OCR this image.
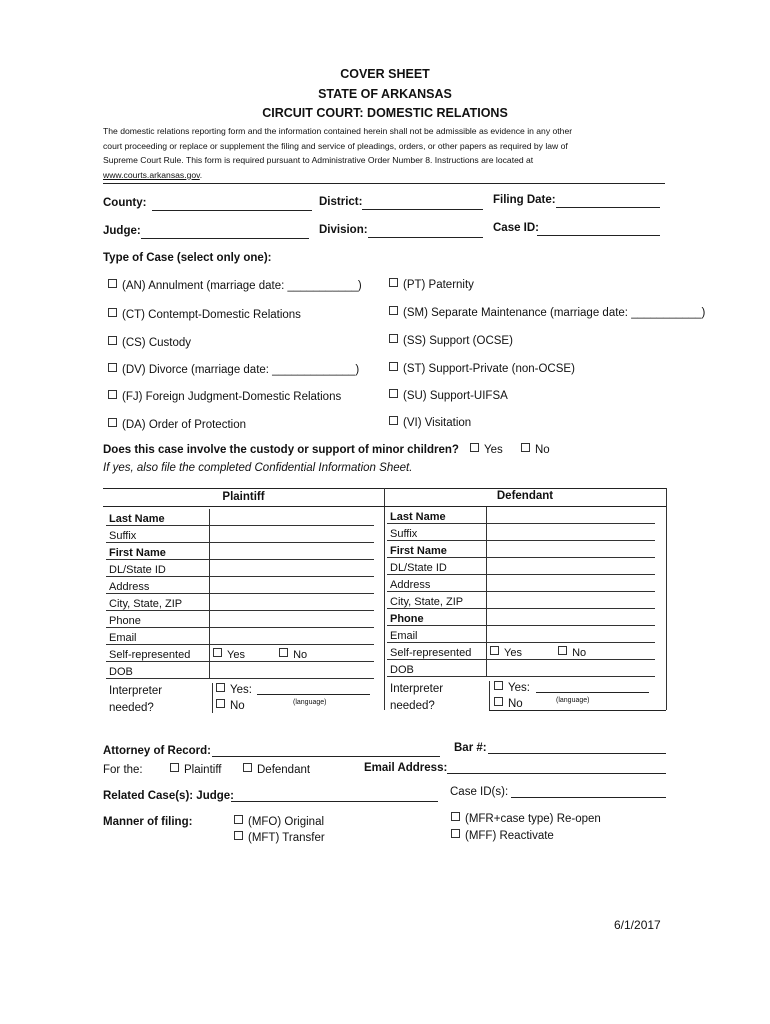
COVER SHEET
STATE OF ARKANSAS
CIRCUIT COURT: DOMESTIC RELATIONS
The domestic relations reporting form and the information contained herein shall not be admissible as evidence in any other court proceeding or replace or supplement the filing and service of pleadings, orders, or other papers as required by law of Supreme Court Rule. This form is required pursuant to Administrative Order Number 8. Instructions are located at www.courts.arkansas.gov.
County:	District:	Filing Date:
Judge:	Division:	Case ID:
Type of Case (select only one):
(AN) Annulment (marriage date: ___________)
(CT) Contempt-Domestic Relations
(CS) Custody
(DV) Divorce (marriage date: _____________)
(FJ) Foreign Judgment-Domestic Relations
(DA) Order of Protection
(PT) Paternity
(SM) Separate Maintenance (marriage date: ___________)
(SS) Support (OCSE)
(ST) Support-Private (non-OCSE)
(SU) Support-UIFSA
(VI) Visitation
Does this case involve the custody or support of minor children?	Yes	No
If yes, also file the completed Confidential Information Sheet.
Plaintiff	Defendant
Last Name	
Suffix	
First Name	
DL/State ID	
Address	
City, State, ZIP	
Phone	
Email	
Self-represented	Yes No
DOB	
Interpreter
needed?
Yes:
No	(language)
Last Name	
Suffix	
First Name	
DL/State ID	
Address	
City, State, ZIP	
Phone	
Email	
Self-represented	Yes No
DOB	
Interpreter
needed?
Yes:
No	(language)
Attorney of Record:	Bar #:
For the:	Plaintiff	Defendant	Email Address:
Related Case(s): Judge:	Case ID(s):
Manner of filing:	(MFO) Original
(MFT) Transfer
(MFR+case type) Re-open
(MFF) Reactivate
6/1/2017
